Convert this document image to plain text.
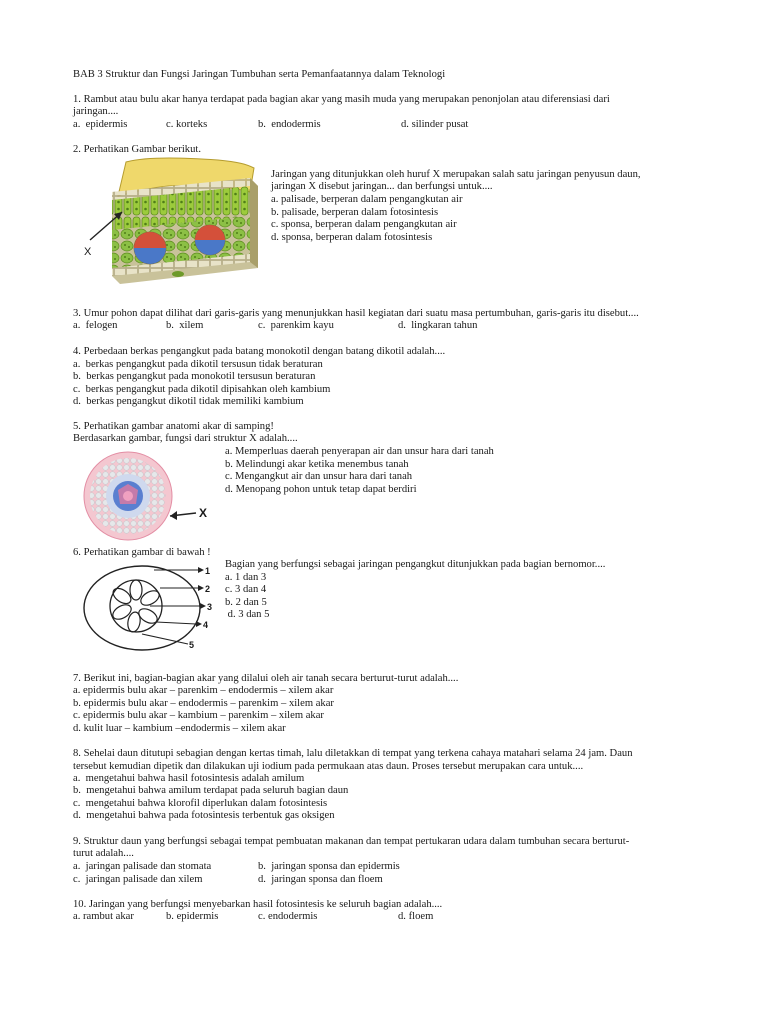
BAB 3 Struktur dan Fungsi Jaringan Tumbuhan serta Pemanfaatannya dalam Teknologi
1. Rambut atau bulu akar hanya terdapat pada bagian akar yang masih muda yang merupakan penonjolan atau diferensiasi dari
jaringan....
a.  epidermis	c. korteks	b.  endodermis	d. silinder pusat
2. Perhatikan Gambar berikut.
Jaringan yang ditunjukkan oleh huruf X merupakan salah satu jaringan penyusun daun,
jaringan X disebut jaringan... dan berfungsi untuk....
a. palisade, berperan dalam pengangkutan air
b. palisade, berperan dalam fotosintesis
c. sponsa, berperan dalam pengangkutan air
d. sponsa, berperan dalam fotosintesis
X
3. Umur pohon dapat dilihat dari garis-garis yang menunjukkan hasil kegiatan dari suatu masa pertumbuhan, garis-garis itu disebut....
a.  felogen	b.  xilem	c.  parenkim kayu	d.  lingkaran tahun
4. Perbedaan berkas pengangkut pada batang monokotil dengan batang dikotil adalah....
a.  berkas pengangkut pada dikotil tersusun tidak beraturan
b.  berkas pengangkut pada monokotil tersusun beraturan
c.  berkas pengangkut pada dikotil dipisahkan oleh kambium
d.  berkas pengangkut dikotil tidak memiliki kambium
5. Perhatikan gambar anatomi akar di samping!
Berdasarkan gambar, fungsi dari struktur X adalah....
a. Memperluas daerah penyerapan air dan unsur hara dari tanah
b. Melindungi akar ketika menembus tanah
c. Mengangkut air dan unsur hara dari tanah
d. Menopang pohon untuk tetap dapat berdiri
X
6. Perhatikan gambar di bawah !
Bagian yang berfungsi sebagai jaringan pengangkut ditunjukkan pada bagian bernomor....
a. 1 dan 3
c. 3 dan 4
b. 2 dan 5
d. 3 dan 5
1
2
3
4
5
7. Berikut ini, bagian-bagian akar yang dilalui oleh air tanah secara berturut-turut adalah....
a. epidermis bulu akar – parenkim – endodermis – xilem akar
b. epidermis bulu akar – endodermis – parenkim – xilem akar
c. epidermis bulu akar – kambium – parenkim – xilem akar
d. kulit luar – kambium –endodermis – xilem akar
8. Sehelai daun ditutupi sebagian dengan kertas timah, lalu diletakkan di tempat yang terkena cahaya matahari selama 24 jam. Daun
tersebut kemudian dipetik dan dilakukan uji iodium pada permukaan atas daun. Proses tersebut merupakan cara untuk....
a.  mengetahui bahwa hasil fotosintesis adalah amilum
b.  mengetahui bahwa amilum terdapat pada seluruh bagian daun
c.  mengetahui bahwa klorofil diperlukan dalam fotosintesis
d.  mengetahui bahwa pada fotosintesis terbentuk gas oksigen
9. Struktur daun yang berfungsi sebagai tempat pembuatan makanan dan tempat pertukaran udara dalam tumbuhan secara berturut-
turut adalah....
a.  jaringan palisade dan stomata	b.  jaringan sponsa dan epidermis
c.  jaringan palisade dan xilem	d.  jaringan sponsa dan floem
10. Jaringan yang berfungsi menyebarkan hasil fotosintesis ke seluruh bagian adalah....
a. rambut akar	b. epidermis	c. endodermis	d. floem
